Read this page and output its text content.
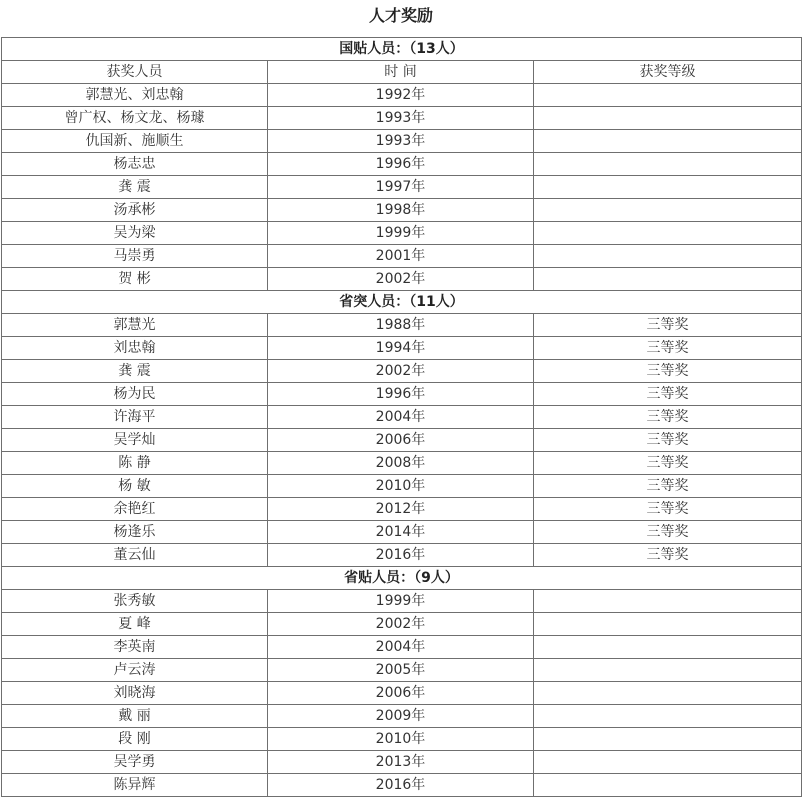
人才奖励
国贴人员：（13人）		
获奖人员	时 间	获奖等级
郭慧光、刘忠翰	1992年	
曾广权、杨文龙、杨璩	1993年	
仇国新、施顺生	1993年	
杨志忠	1996年	
龚 震	1997年	
汤承彬	1998年	
吴为梁	1999年	
马崇勇	2001年	
贺 彬	2002年	
省突人员：（11人）		
郭慧光	1988年	三等奖
刘忠翰	1994年	三等奖
龚 震	2002年	三等奖
杨为民	1996年	三等奖
许海平	2004年	三等奖
吴学灿	2006年	三等奖
陈 静	2008年	三等奖
杨 敏	2010年	三等奖
余艳红	2012年	三等奖
杨逢乐	2014年	三等奖
董云仙	2016年	三等奖
省贴人员：（9人）		
张秀敏	1999年	
夏 峰	2002年	
李英南	2004年	
卢云涛	2005年	
刘晓海	2006年	
戴 丽	2009年	
段 刚	2010年	
吴学勇	2013年	
陈异辉	2016年	
